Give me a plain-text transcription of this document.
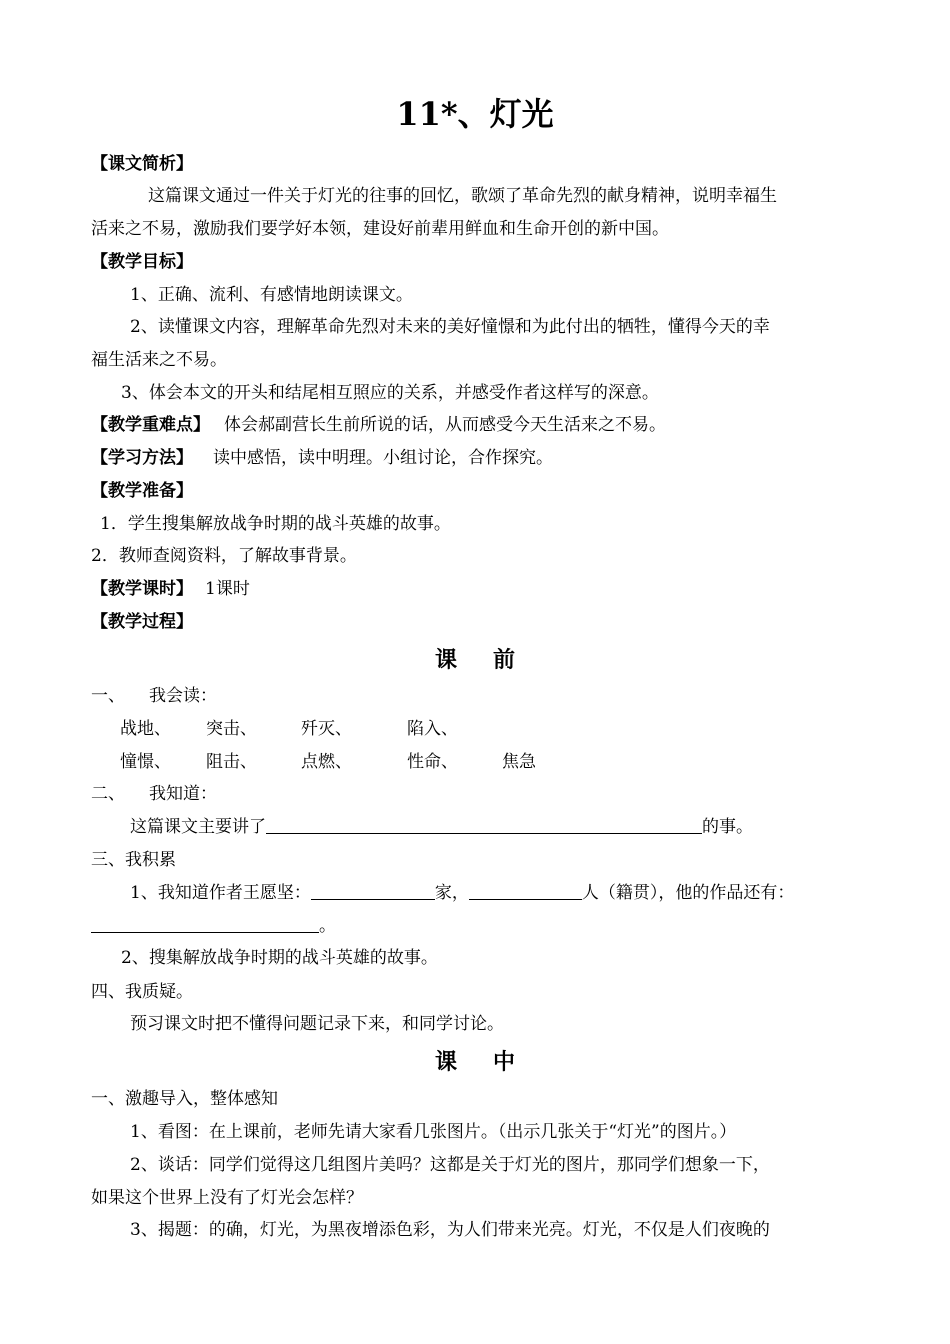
11*、灯光
【课文简析】
这篇课文通过一件关于灯光的往事的回忆，歌颂了革命先烈的献身精神，说明幸福生
活来之不易，激励我们要学好本领，建设好前辈用鲜血和生命开创的新中国。
【教学目标】
1、正确、流利、有感情地朗读课文。
2、读懂课文内容，理解革命先烈对未来的美好憧憬和为此付出的牺牲，懂得今天的幸
福生活来之不易。
3、体会本文的开头和结尾相互照应的关系，并感受作者这样写的深意。
【教学重难点】 体会郝副营长生前所说的话，从而感受今天生活来之不易。
【学习方法】 读中感悟，读中明理。小组讨论，合作探究。
【教学准备】
1．学生搜集解放战争时期的战斗英雄的故事。
2．教师查阅资料，了解故事背景。
【教学课时】 1课时
【教学过程】
课 前
一、 我会读：
战地、 突击、	歼灭、	陷入、
憧憬、 阻击、	点燃、	性命、	焦急
二、 我知道：
这篇课文主要讲了	的事。
三、我积累
1、我知道作者王愿坚：	家，	人（籍贯），他的作品还有：
。
2、搜集解放战争时期的战斗英雄的故事。
四、我质疑。
预习课文时把不懂得问题记录下来，和同学讨论。
课 中
一、激趣导入，整体感知
1、看图：在上课前，老师先请大家看几张图片。（出示几张关于“灯光”的图片。）
2、谈话：同学们觉得这几组图片美吗？这都是关于灯光的图片，那同学们想象一下，
如果这个世界上没有了灯光会怎样？
3、揭题：的确，灯光，为黑夜增添色彩，为人们带来光亮。灯光，不仅是人们夜晚的
